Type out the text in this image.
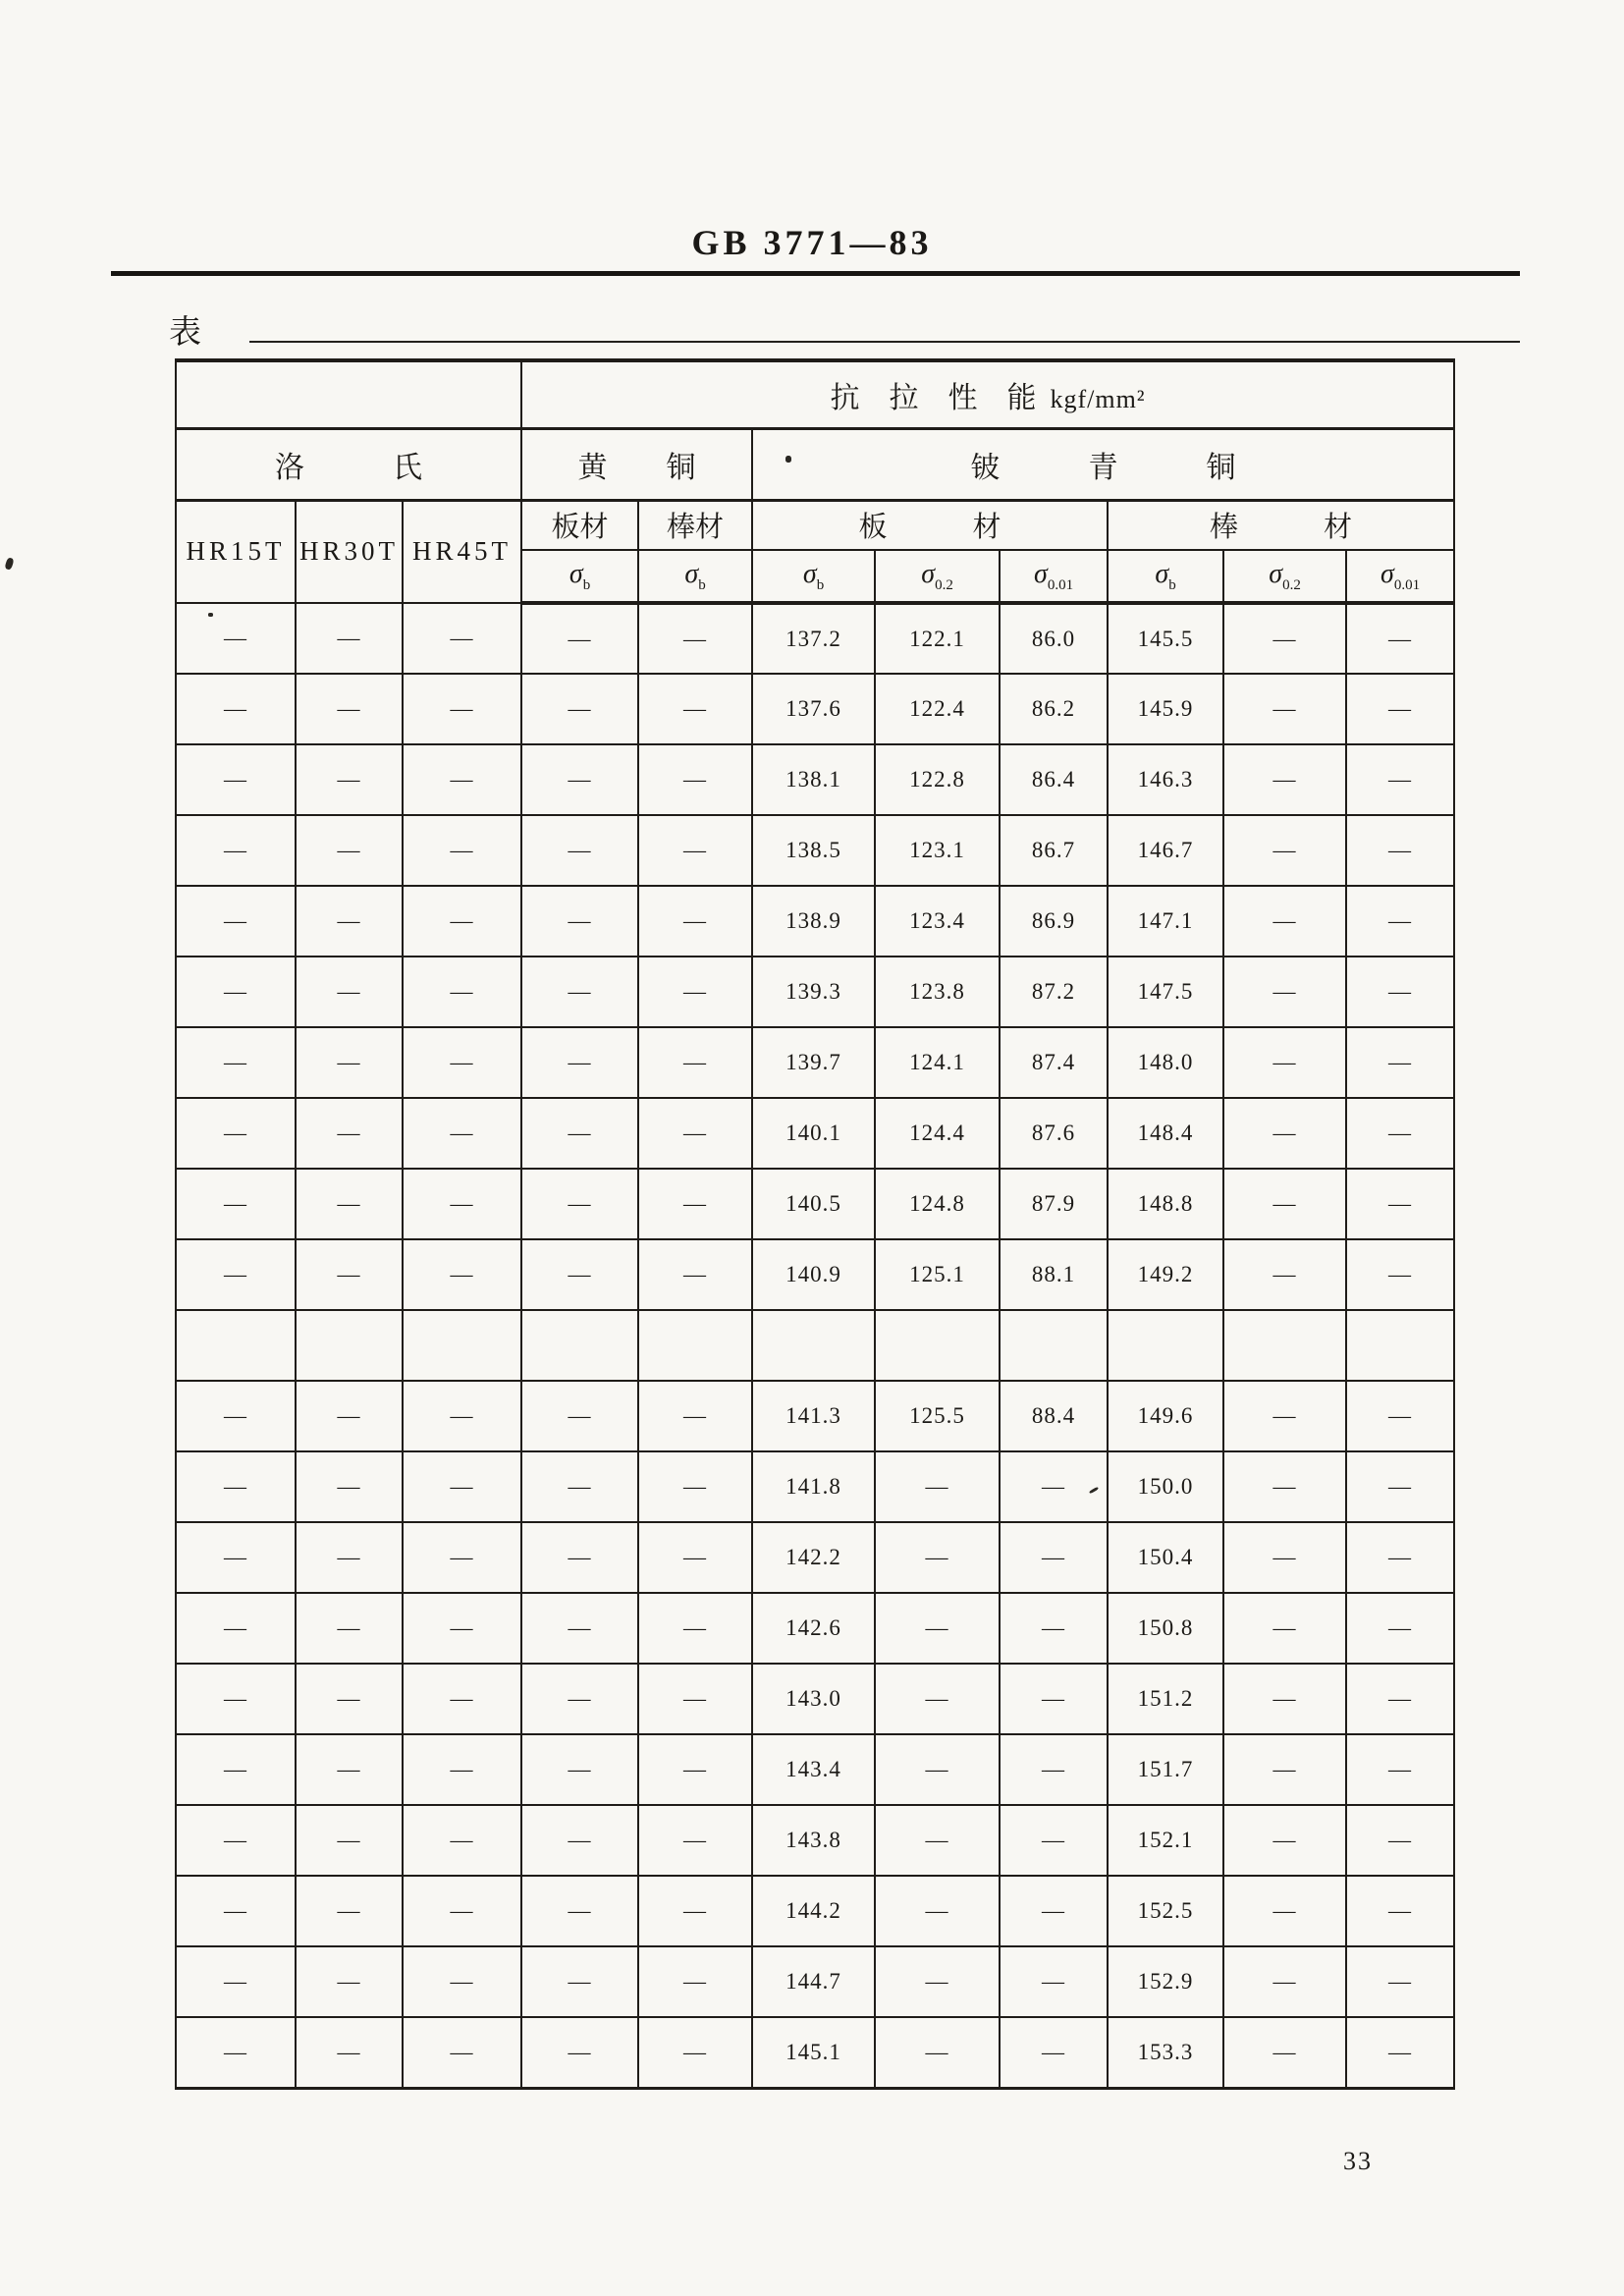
GB 3771—83
表
			抗　拉　性　能 kgf/mm²							
洛　　　氏			黄　　铜		铍　　　青　　　铜					
HR15T	HR30T	HR45T	板材	棒材	板　　　材			棒　　　材		
			$\sigma_b$	$\sigma_b$	$\sigma_b$	$\sigma_{0.2}$	$\sigma_{0.01}$	$\sigma_b$	$\sigma_{0.2}$	$\sigma_{0.01}$
—	—	—	—	—	137.2	122.1	86.0	145.5	—	—
—	—	—	—	—	137.6	122.4	86.2	145.9	—	—
—	—	—	—	—	138.1	122.8	86.4	146.3	—	—
—	—	—	—	—	138.5	123.1	86.7	146.7	—	—
—	—	—	—	—	138.9	123.4	86.9	147.1	—	—
—	—	—	—	—	139.3	123.8	87.2	147.5	—	—
—	—	—	—	—	139.7	124.1	87.4	148.0	—	—
—	—	—	—	—	140.1	124.4	87.6	148.4	—	—
—	—	—	—	—	140.5	124.8	87.9	148.8	—	—
—	—	—	—	—	140.9	125.1	88.1	149.2	—	—

—	—	—	—	—	141.3	125.5	88.4	149.6	—	—
—	—	—	—	—	141.8	—	—	150.0	—	—
—	—	—	—	—	142.2	—	—	150.4	—	—
—	—	—	—	—	142.6	—	—	150.8	—	—
—	—	—	—	—	143.0	—	—	151.2	—	—
—	—	—	—	—	143.4	—	—	151.7	—	—
—	—	—	—	—	143.8	—	—	152.1	—	—
—	—	—	—	—	144.2	—	—	152.5	—	—
—	—	—	—	—	144.7	—	—	152.9	—	—
—	—	—	—	—	145.1	—	—	153.3	—	—
33
